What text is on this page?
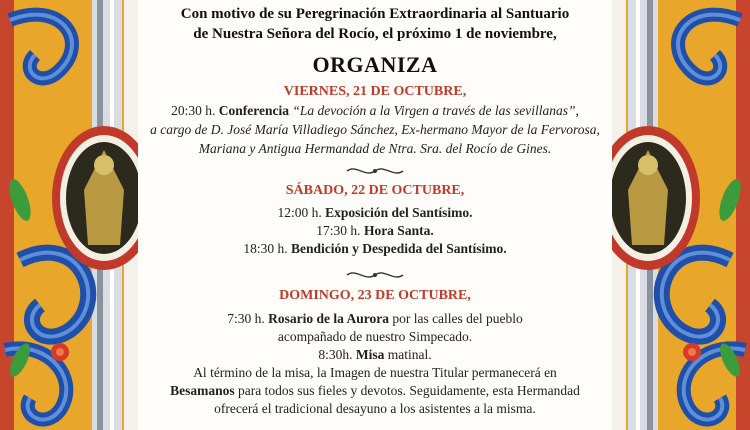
Con motivo de su Peregrinación Extraordinaria al Santuario
de Nuestra Señora del Rocío, el próximo 1 de noviembre,
ORGANIZA
VIERNES, 21 DE OCTUBRE,
20:30 h. Conferencia “La devoción a la Virgen a través de las sevillanas”,
a cargo de D. José María Villadiego Sánchez, Ex-hermano Mayor de la Fervorosa,
Mariana y Antigua Hermandad de Ntra. Sra. del Rocío de Gines.
SÁBADO, 22 DE OCTUBRE,
12:00 h. Exposición del Santísimo.
17:30 h. Hora Santa.
18:30 h. Bendición y Despedida del Santísimo.
DOMINGO, 23 DE OCTUBRE,
7:30 h. Rosario de la Aurora por las calles del pueblo
acompañado de nuestro Simpecado.
8:30h. Misa matinal.
Al término de la misa, la Imagen de nuestra Titular permanecerá en
Besamanos para todos sus fieles y devotos. Seguidamente, esta Hermandad
ofrecerá el tradicional desayuno a los asistentes a la misma.
